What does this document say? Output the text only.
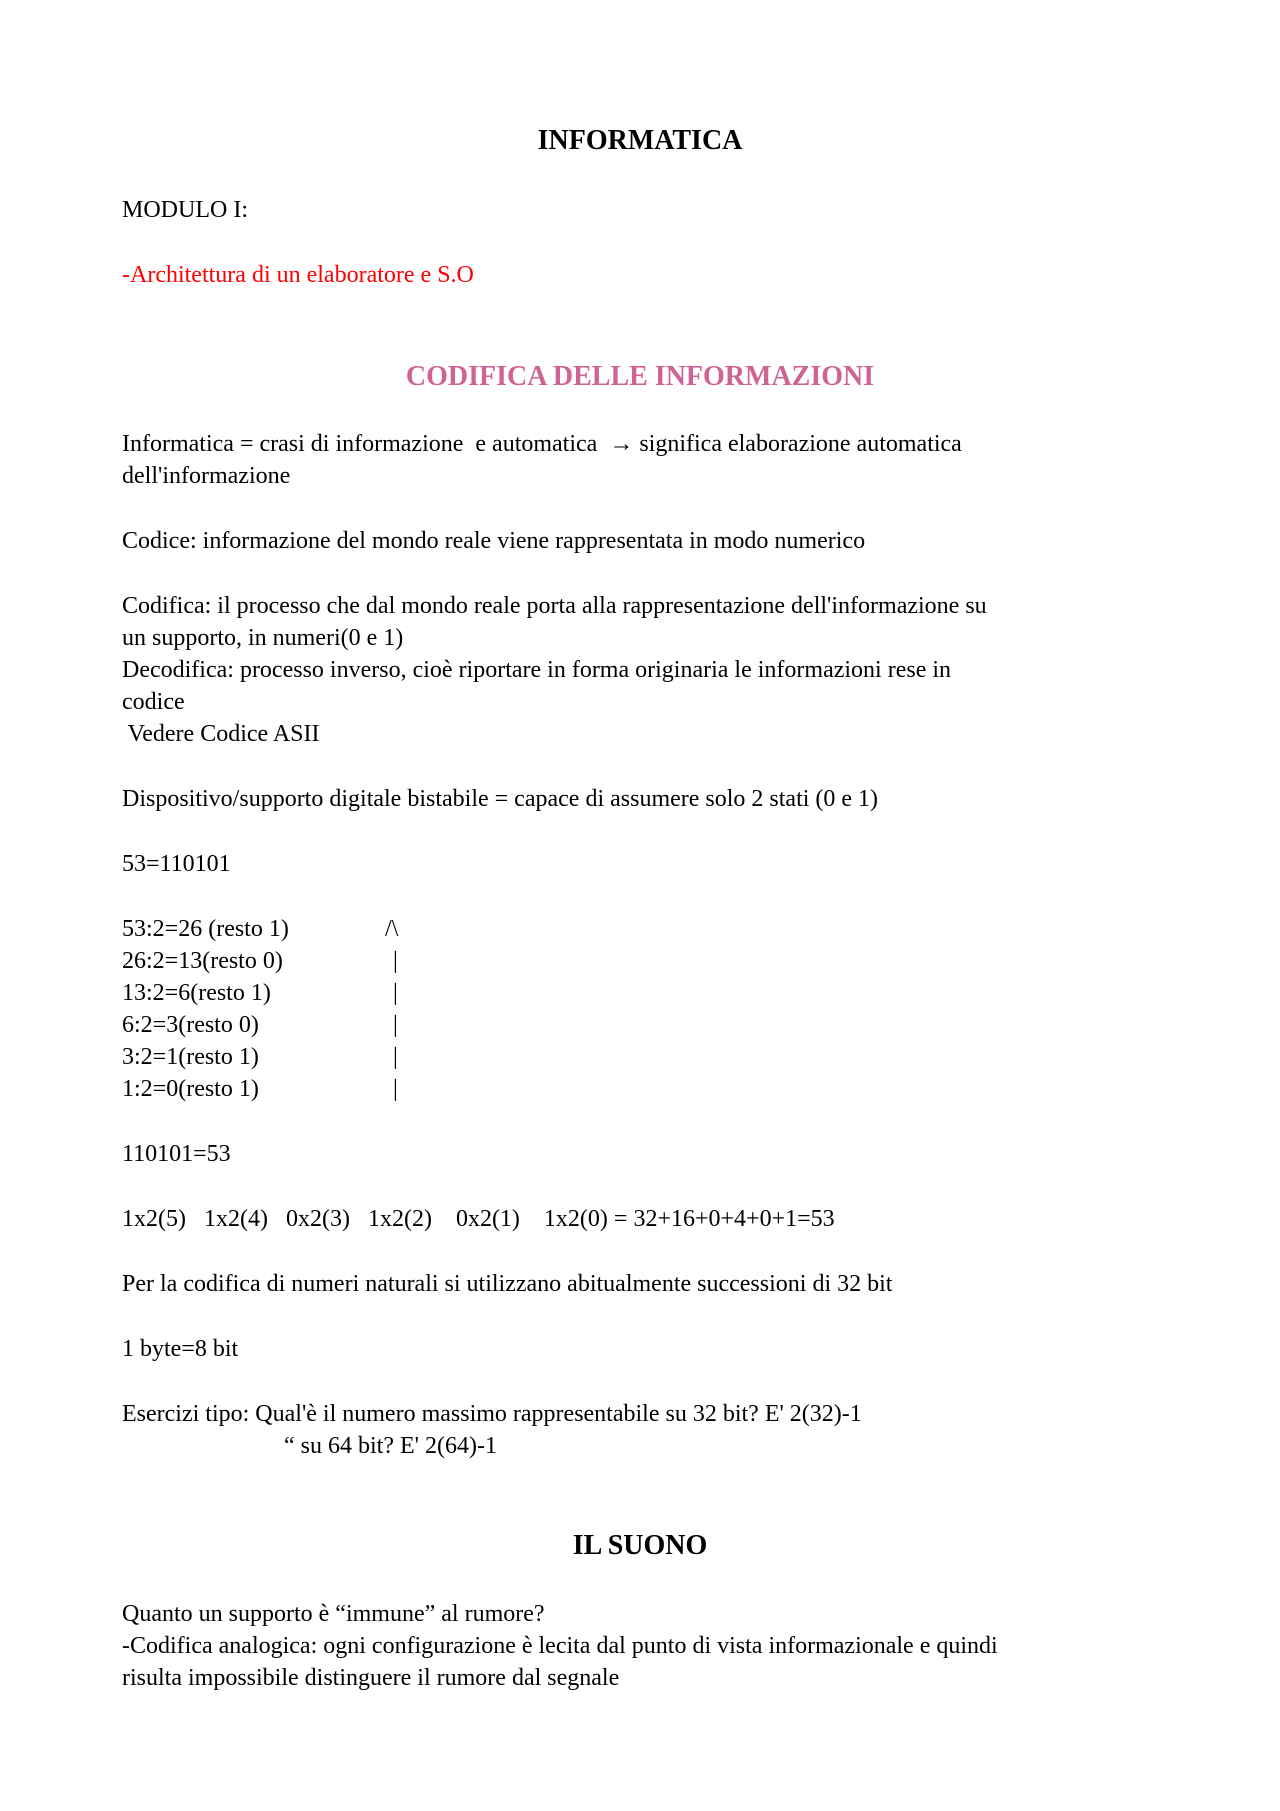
INFORMATICA

MODULO I:

-Architettura di un elaboratore e S.O

CODIFICA DELLE INFORMAZIONI

Informatica = crasi di informazione  e automatica  → significa elaborazione automatica

dell'informazione

Codice: informazione del mondo reale viene rappresentata in modo numerico

Codifica: il processo che dal mondo reale porta alla rappresentazione dell'informazione su

un supporto, in numeri(0 e 1)

Decodifica: processo inverso, cioè riportare in forma originaria le informazioni rese in

codice

Vedere Codice ASII

Dispositivo/supporto digitale bistabile = capace di assumere solo 2 stati (0 e 1)

53=110101

53:2=26 (resto 1)	/\

26:2=13(resto 0)	|

13:2=6(resto 1)	|

6:2=3(resto 0)	|

3:2=1(resto 1)	|

1:2=0(resto 1)	|

110101=53

1x2(5)   1x2(4)   0x2(3)   1x2(2)    0x2(1)    1x2(0) = 32+16+0+4+0+1=53

Per la codifica di numeri naturali si utilizzano abitualmente successioni di 32 bit

1 byte=8 bit

Esercizi tipo: Qual'è il numero massimo rappresentabile su 32 bit? E' 2(32)-1

“ su 64 bit? E' 2(64)-1

IL SUONO

Quanto un supporto è “immune” al rumore?

-Codifica analogica: ogni configurazione è lecita dal punto di vista informazionale e quindi

risulta impossibile distinguere il rumore dal segnale
